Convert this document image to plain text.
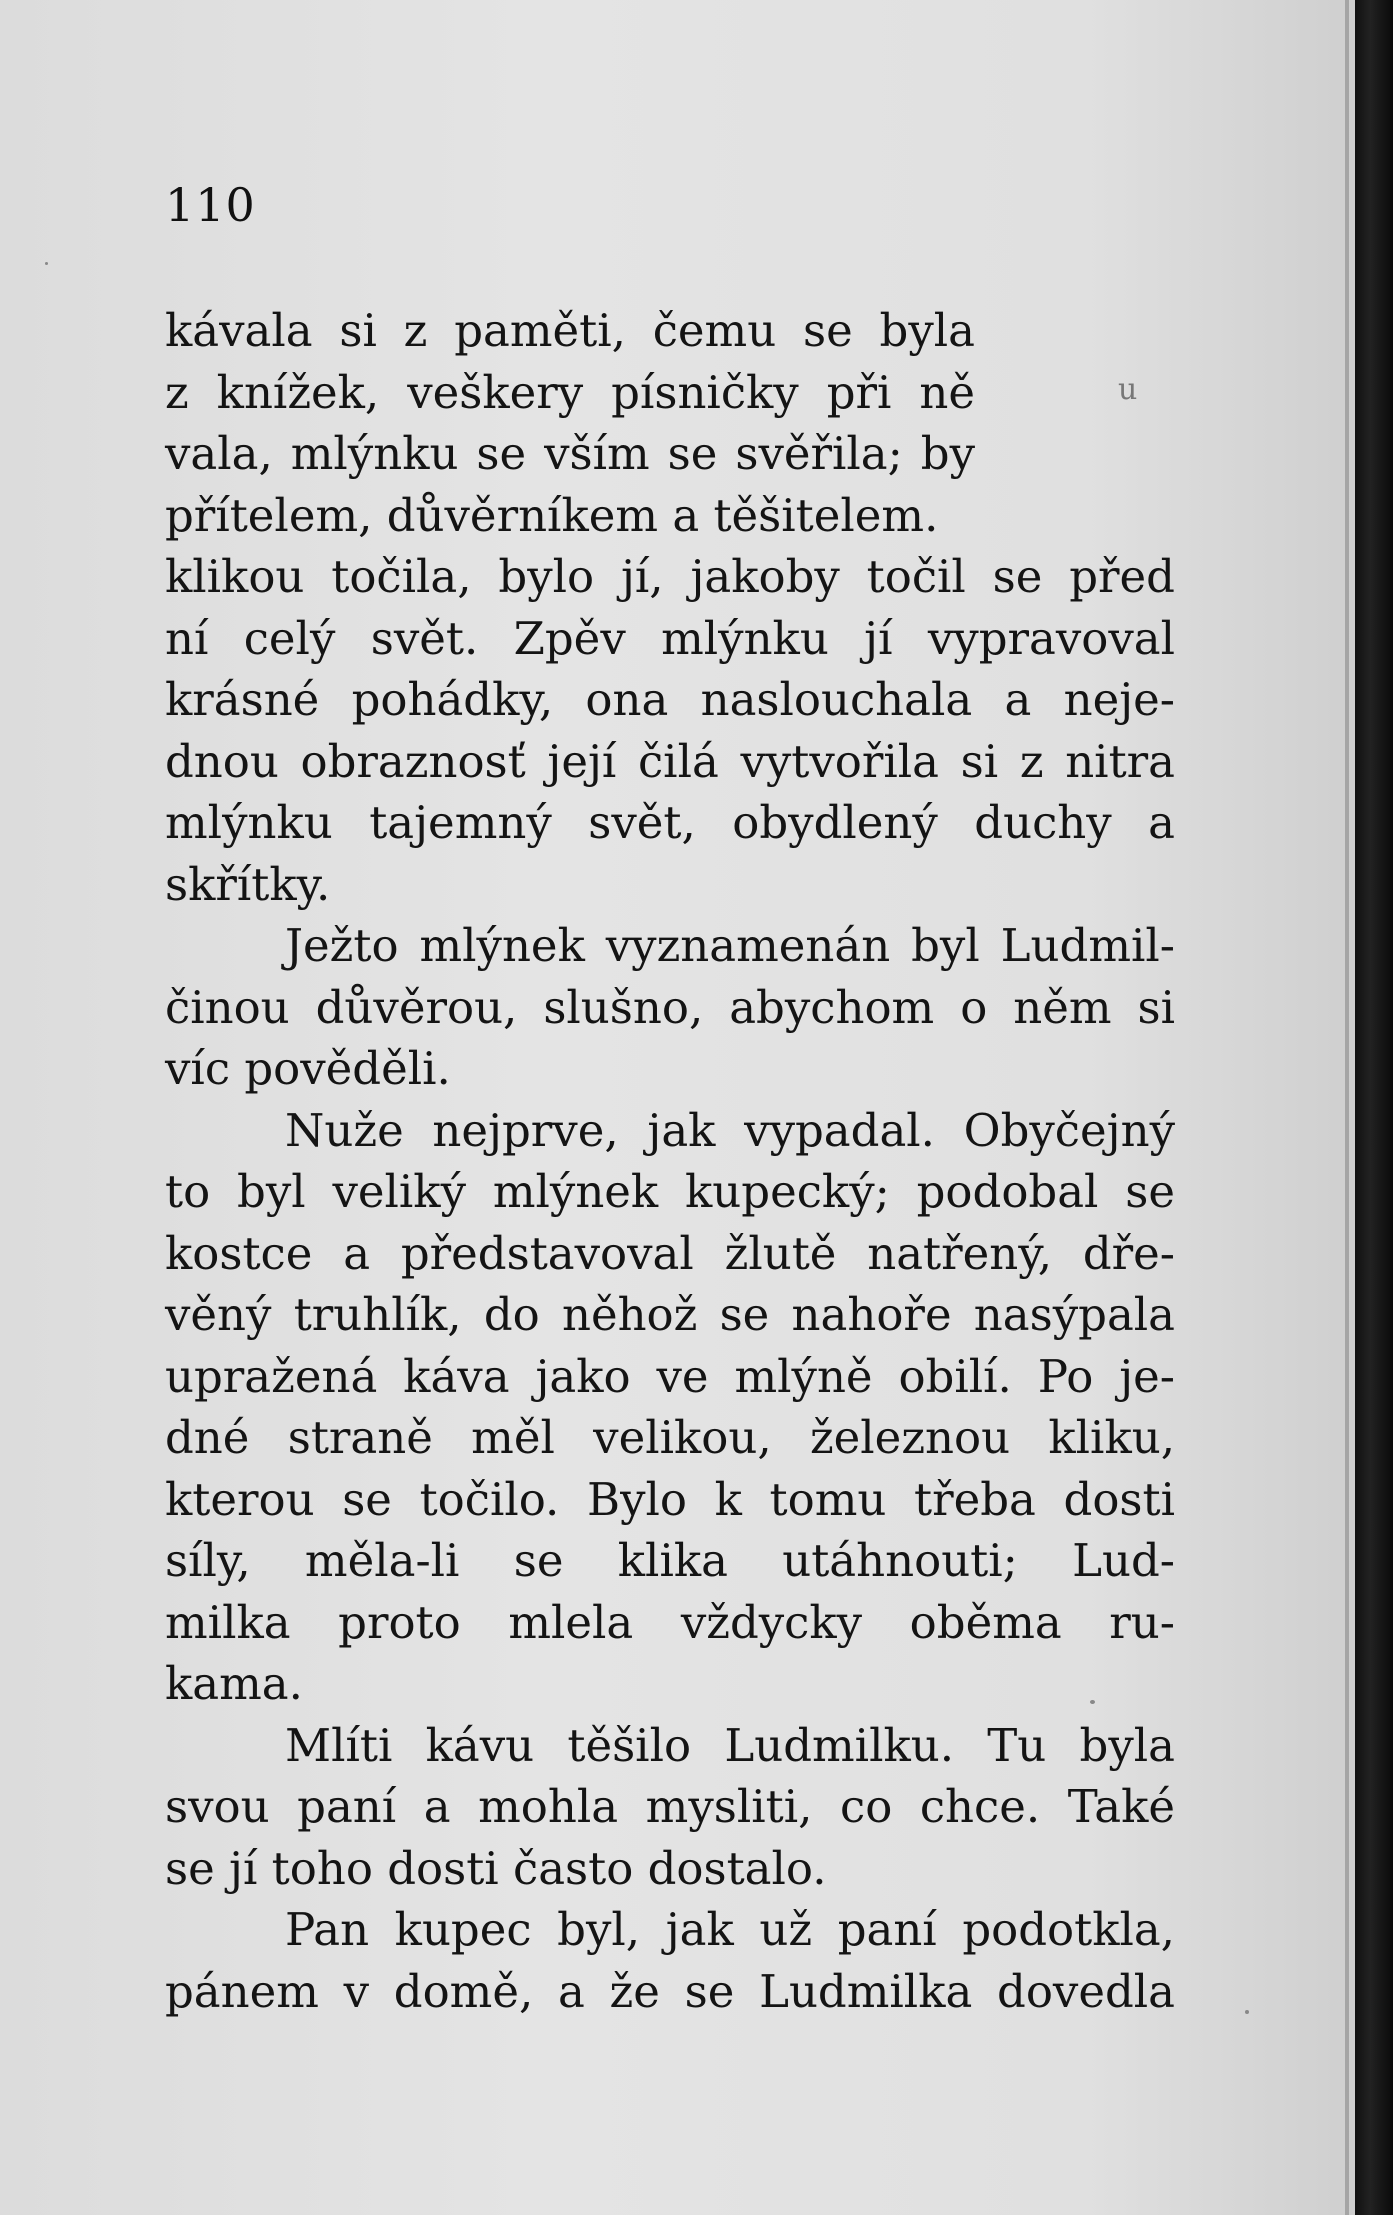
110
u
kávala si z paměti, čemu se byla
z knížek, veškery písničky při ně
vala, mlýnku se vším se svěřila; by
přítelem, důvěrníkem a těšitelem.
klikou točila, bylo jí, jakoby točil se před
ní celý svět. Zpěv mlýnku jí vypravoval
krásné pohádky, ona naslouchala a neje-
dnou obraznosť její čilá vytvořila si z nitra
mlýnku tajemný svět, obydlený duchy a
skřítky.
Ježto mlýnek vyznamenán byl Ludmil-
činou důvěrou, slušno, abychom o něm si
víc pověděli.
Nuže nejprve, jak vypadal. Obyčejný
to byl veliký mlýnek kupecký; podobal se
kostce a představoval žlutě natřený, dře-
věný truhlík, do něhož se nahoře nasýpala
upražená káva jako ve mlýně obilí. Po je-
dné straně měl velikou, železnou kliku,
kterou se točilo. Bylo k tomu třeba dosti
síly, měla-li se klika utáhnouti; Lud-
milka proto mlela vždycky oběma ru-
kama.
Mlíti kávu těšilo Ludmilku. Tu byla
svou paní a mohla mysliti, co chce. Také
se jí toho dosti často dostalo.
Pan kupec byl, jak už paní podotkla,
pánem v domě, a že se Ludmilka dovedla
